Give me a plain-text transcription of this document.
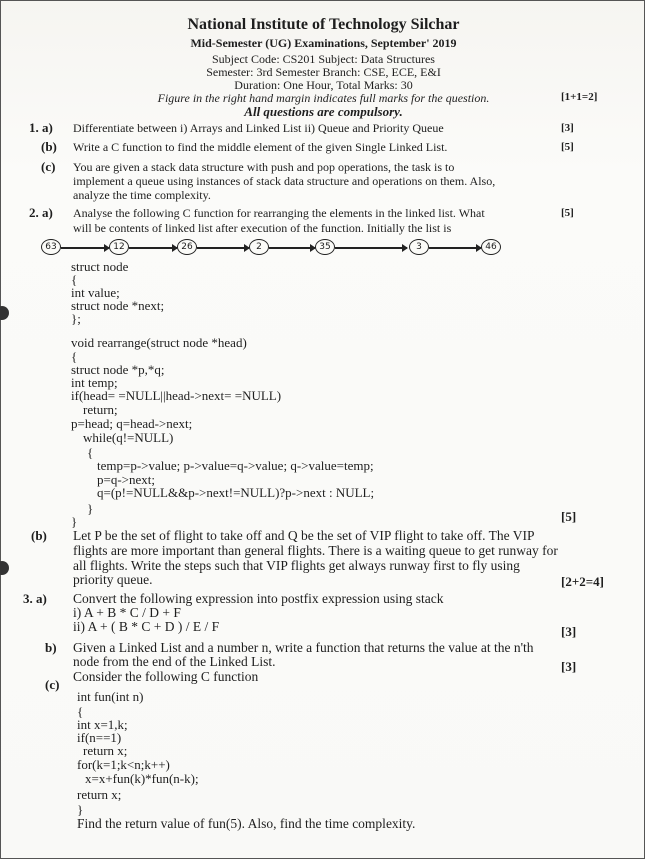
National Institute of Technology Silchar
Mid-Semester (UG) Examinations, September' 2019
Subject Code: CS201 Subject: Data Structures
Semester: 3rd Semester Branch: CSE, ECE, E&I
Duration: One Hour, Total Marks: 30
Figure in the right hand margin indicates full marks for the question.	[1+1=2]
All questions are compulsory.
1. a) Differentiate between i) Arrays and Linked List ii) Queue and Priority Queue	[3]
(b) Write a C function to find the middle element of the given Single Linked List.	[5]
(c) You are given a stack data structure with push and pop operations, the task is to
implement a queue using instances of stack data structure and operations on them. Also,
analyze the time complexity.
2. a)	[5]
Analyse the following C function for rearranging the elements in the linked list. What
will be contents of linked list after execution of the function. Initially the list is
63	12	26	2	35	3	46
struct node
{
int value;
struct node *next;
};
void rearrange(struct node *head)
{
struct node *p,*q;
int temp;
if(head= =NULL||head->next= =NULL)
return;
p=head; q=head->next;
while(q!=NULL)
{
temp=p->value; p->value=q->value; q->value=temp;
p=q->next;
q=(p!=NULL&&p->next!=NULL)?p->next : NULL;
}
}
(b)
[5]
Let P be the set of flight to take off and Q be the set of VIP flight to take off. The VIP
flights are more important than general flights. There is a waiting queue to get runway for
all flights. Write the steps such that VIP flights get always runway first to fly using
priority queue.
3. a) Convert the following expression into postfix expression using stack
[2+2=4]
i) A + B * C / D + F
ii) A + ( B * C + D ) / E / F
b) Given a Linked List and a number n, write a function that returns the value at the n'th
[3]
node from the end of the Linked List.
(c)
Consider the following C function
[3]
int fun(int n)
{
int x=1,k;
if(n==1)
return x;
for(k=1;k<n;k++)
x=x+fun(k)*fun(n-k);
return x;
}
Find the return value of fun(5). Also, find the time complexity.
